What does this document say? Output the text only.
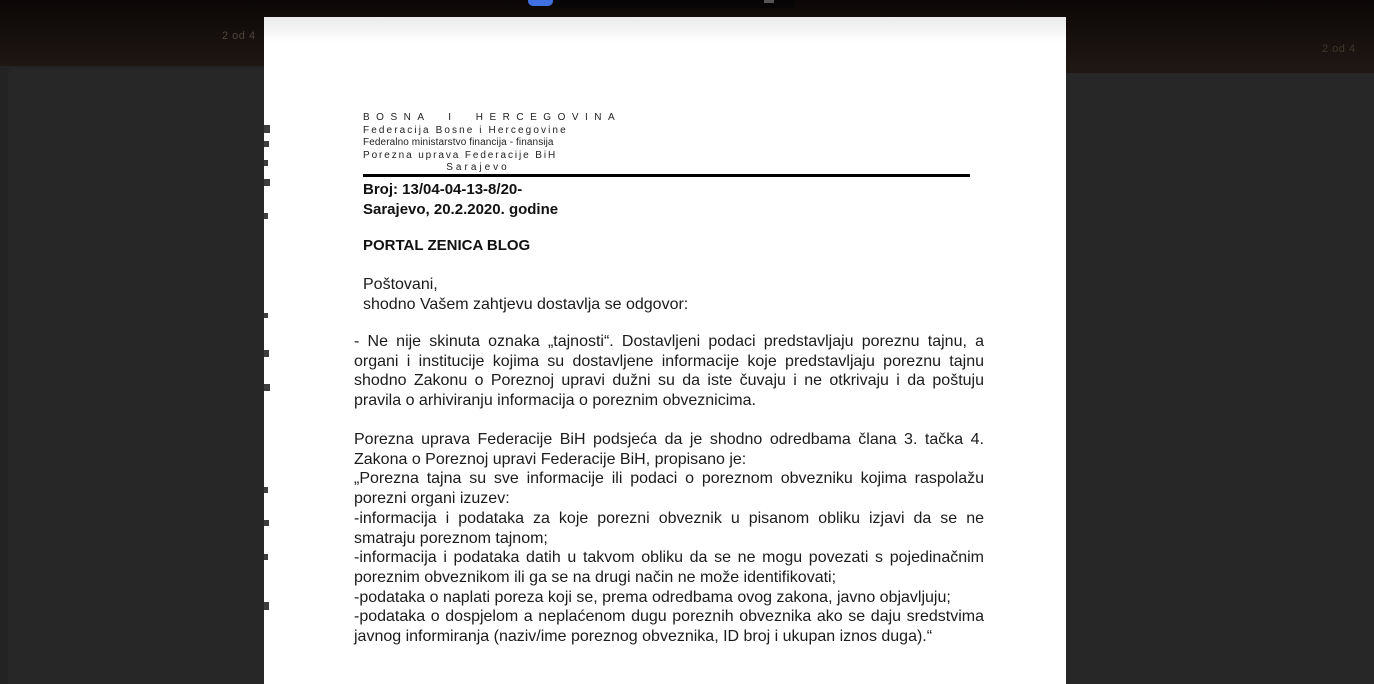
2 od 4
2 od 4
BOSNA I HERCEGOVINA
Federacija Bosne i Hercegovine
Federalno ministarstvo financija - finansija
Porezna uprava Federacije BiH
Sarajevo
Broj: 13/04-04-13-8/20-
Sarajevo, 20.2.2020. godine
PORTAL ZENICA BLOG
Poštovani,
shodno Vašem zahtjevu dostavlja se odgovor:

- Ne nije skinuta oznaka „tajnosti“. Dostavljeni podaci predstavljaju poreznu tajnu, a organi i institucije kojima su dostavljene informacije koje predstavljaju poreznu tajnu shodno Zakonu o Poreznoj upravi dužni su da iste čuvaju i ne otkrivaju i da poštuju pravila o arhiviranju informacija o poreznim obveznicima.

Porezna uprava Federacije BiH podsjeća da je shodno odredbama člana 3. tačka 4. Zakona o Poreznoj upravi Federacije BiH, propisano je:

„Porezna tajna su sve informacije ili podaci o poreznom obvezniku kojima raspolažu porezni organi izuzev:

-informacija i podataka za koje porezni obveznik u pisanom obliku izjavi da se ne smatraju poreznom tajnom;

-informacija i podataka datih u takvom obliku da se ne mogu povezati s pojedinačnim poreznim obveznikom ili ga se na drugi način ne može identifikovati;

-podataka o naplati poreza koji se, prema odredbama ovog zakona, javno objavljuju;

-podataka o dospjelom a neplaćenom dugu poreznih obveznika ako se daju sredstvima javnog informiranja (naziv/ime poreznog obveznika, ID broj i ukupan iznos duga).“
